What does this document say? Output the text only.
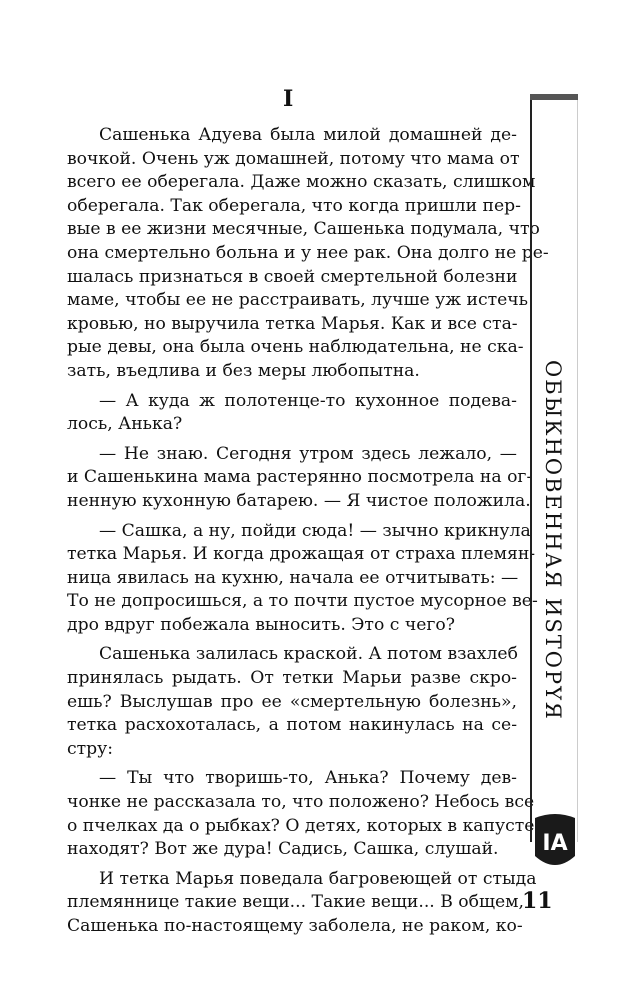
I

Сашенька Адуева была милой домашней де-
вочкой. Очень уж домашней, потому что мама от
всего ее оберегала. Даже можно сказать, слишком
оберегала. Так оберегала, что когда пришли пер-
вые в ее жизни месячные, Сашенька подумала, что
она смертельно больна и у нее рак. Она долго не ре-
шалась признаться в своей смертельной болезни
маме, чтобы ее не расстраивать, лучше уж истечь
кровью, но выручила тетка Марья. Как и все ста-
рые девы, она была очень наблюдательна, не ска-
зать, въедлива и без меры любопытна.

— А куда ж полотенце-то кухонное подева-
лось, Анька?

— Не знаю. Сегодня утром здесь лежало, —
и Сашенькина мама растерянно посмотрела на ог-
ненную кухонную батарею. — Я чистое положила.

— Сашка, а ну, пойди сюда! — зычно крикнула
тетка Марья. И когда дрожащая от страха племян-
ница явилась на кухню, начала ее отчитывать: —
То не допросишься, а то почти пустое мусорное ве-
дро вдруг побежала выносить. Это с чего?

Сашенька залилась краской. А потом взахлеб
принялась рыдать. От тетки Марьи разве скро-
ешь? Выслушав про ее «смертельную болезнь»,
тетка расхохоталась, а потом накинулась на се-
стру:

— Ты что творишь-то, Анька? Почему дев-
чонке не рассказала то, что положено? Небось все
о пчелках да о рыбках? О детях, которых в капусте
находят? Вот же дура! Садись, Сашка, слушай.

И тетка Марья поведала багровеющей от стыда
племяннице такие вещи... Такие вещи... В общем,
Сашенька по-настоящему заболела, не раком, ко-

ОБЫКНОВЕННАЯ ИSТОРYЯ
IA
11
